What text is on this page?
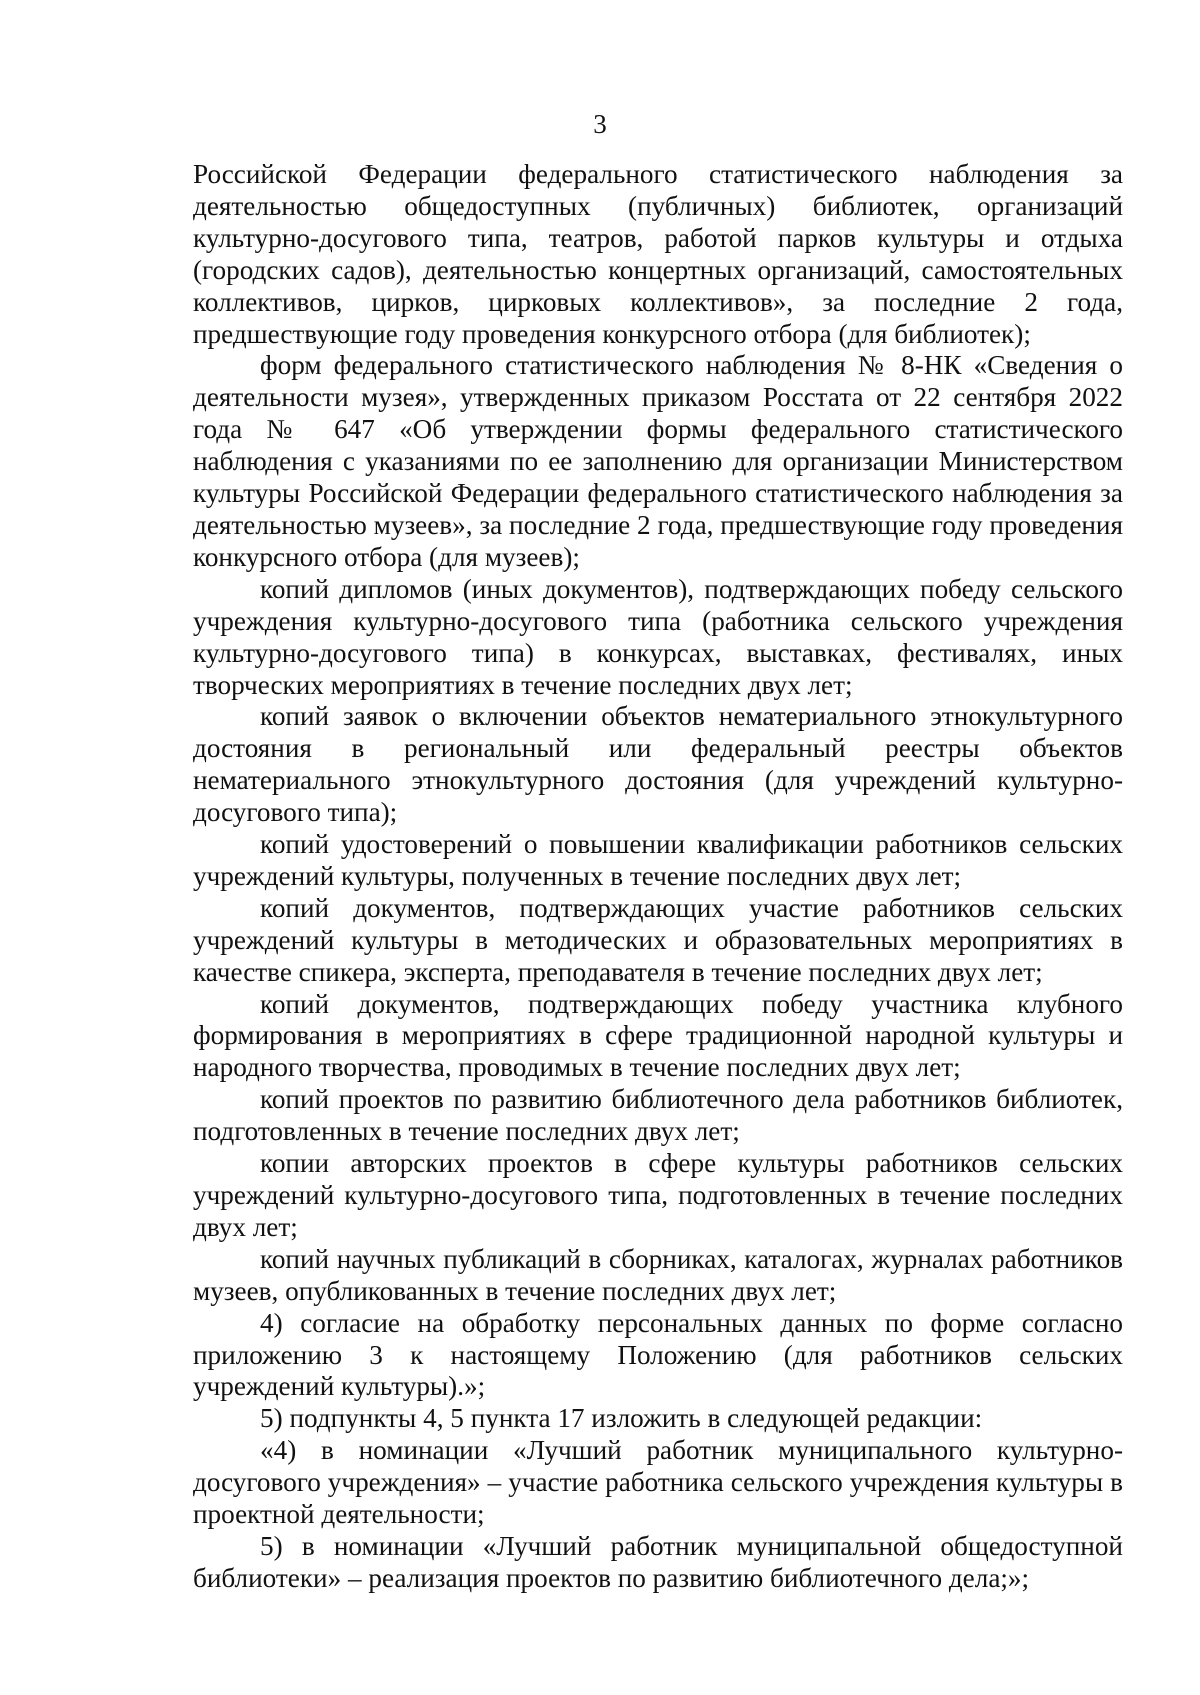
3

Российской Федерации федерального статистического наблюдения за деятельностью общедоступных (публичных) библиотек, организаций культурно-досугового типа, театров, работой парков культуры и отдыха (городских садов), деятельностью концертных организаций, самостоятельных коллективов, цирков, цирковых коллективов», за последние 2 года, предшествующие году проведения конкурсного отбора (для библиотек);

форм федерального статистического наблюдения № 8-НК «Сведения о деятельности музея», утвержденных приказом Росстата от 22 сентября 2022 года № 647 «Об утверждении формы федерального статистического наблюдения с указаниями по ее заполнению для организации Министерством культуры Российской Федерации федерального статистического наблюдения за деятельностью музеев», за последние 2 года, предшествующие году проведения конкурсного отбора (для музеев);

копий дипломов (иных документов), подтверждающих победу сельского учреждения культурно-досугового типа (работника сельского учреждения культурно-досугового типа) в конкурсах, выставках, фестивалях, иных творческих мероприятиях в течение последних двух лет;

копий заявок о включении объектов нематериального этнокультурного достояния в региональный или федеральный реестры объектов нематериального этнокультурного достояния (для учреждений культурно-досугового типа);

копий удостоверений о повышении квалификации работников сельских учреждений культуры, полученных в течение последних двух лет;

копий документов, подтверждающих участие работников сельских учреждений культуры в методических и образовательных мероприятиях в качестве спикера, эксперта, преподавателя в течение последних двух лет;

копий документов, подтверждающих победу участника клубного формирования в мероприятиях в сфере традиционной народной культуры и народного творчества, проводимых в течение последних двух лет;

копий проектов по развитию библиотечного дела работников библиотек, подготовленных в течение последних двух лет;

копии авторских проектов в сфере культуры работников сельских учреждений культурно-досугового типа, подготовленных в течение последних двух лет;

копий научных публикаций в сборниках, каталогах, журналах работников музеев, опубликованных в течение последних двух лет;

4) согласие на обработку персональных данных по форме согласно приложению 3 к настоящему Положению (для работников сельских учреждений культуры).»;

5) подпункты 4, 5 пункта 17 изложить в следующей редакции:

«4) в номинации «Лучший работник муниципального культурно-досугового учреждения» – участие работника сельского учреждения культуры в проектной деятельности;

5) в номинации «Лучший работник муниципальной общедоступной библиотеки» – реализация проектов по развитию библиотечного дела;»;
